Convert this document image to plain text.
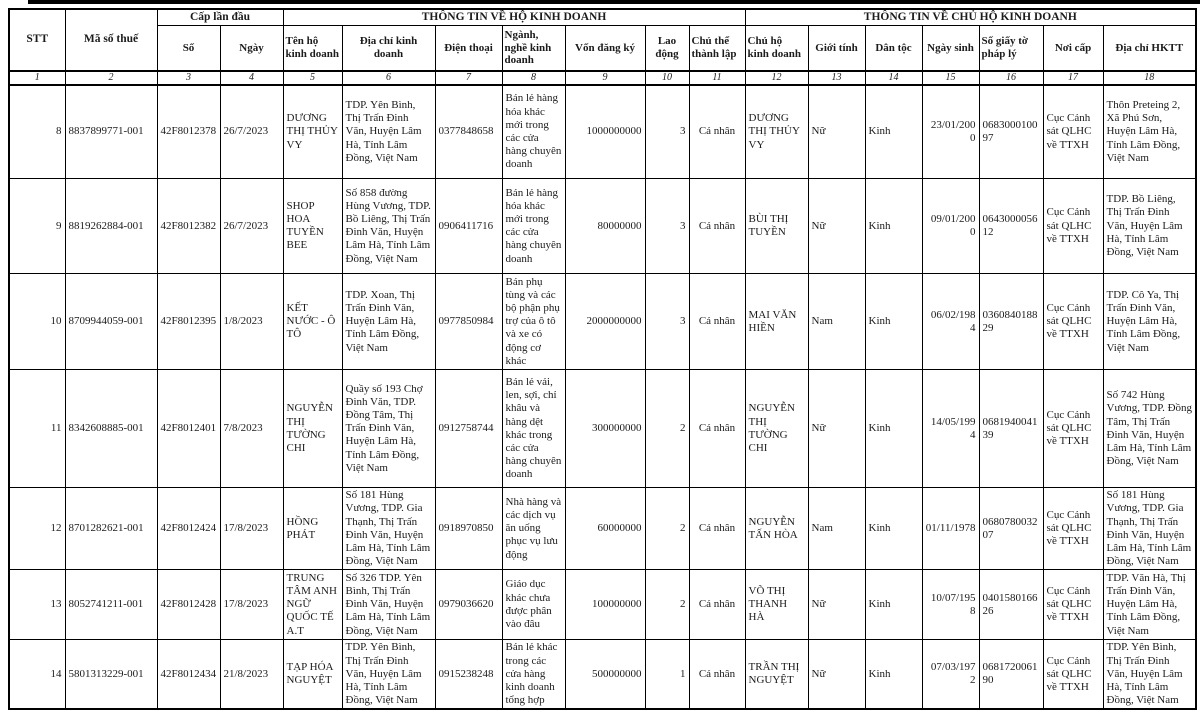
STT	Mã số thuế	Cấp lần đầu		THÔNG TIN VỀ HỘ KINH DOANH							THÔNG TIN VỀ CHỦ HỘ KINH DOANH						
		Số	Ngày	Tên hộ kinh doanh	Địa chỉ kinh doanh	Điện thoại	Ngành, nghề kinh doanh	Vốn đăng ký	Lao động	Chủ thể thành lập	Chủ hộ kinh doanh	Giới tính	Dân tộc	Ngày sinh	Số giấy tờ pháp lý	Nơi cấp	Địa chỉ HKTT
1	2	3	4	5	6	7	8	9	10	11	12	13	14	15	16	17	18
8	8837899771-001	42F8012378	26/7/2023	DƯƠNG THỊ THỦY VY	TDP. Yên Bình, Thị Trấn Đinh Văn, Huyện Lâm Hà, Tỉnh Lâm Đồng, Việt Nam	0377848658	Bán lẻ hàng hóa khác mới trong các cửa hàng chuyên doanh	1000000000	3	Cá nhân	DƯƠNG THỊ THỦY VY	Nữ	Kinh	23/01/2000	068300010097	Cục Cảnh sát QLHC về TTXH	Thôn Preteing 2, Xã Phú Sơn, Huyện Lâm Hà, Tỉnh Lâm Đồng, Việt Nam
9	8819262884-001	42F8012382	26/7/2023	SHOP HOA TUYỀN BEE	Số 858 đường Hùng Vương, TDP. Bồ Liêng, Thị Trấn Đinh Văn, Huyện Lâm Hà, Tỉnh Lâm Đồng, Việt Nam	0906411716	Bán lẻ hàng hóa khác mới trong các cửa hàng chuyên doanh	80000000	3	Cá nhân	BÙI THỊ TUYỀN	Nữ	Kinh	09/01/2000	064300005612	Cục Cảnh sát QLHC về TTXH	TDP. Bồ Liêng, Thị Trấn Đinh Văn, Huyện Lâm Hà, Tỉnh Lâm Đồng, Việt Nam
10	8709944059-001	42F8012395	1/8/2023	KẾT NƯỚC - Ô TÔ	TDP. Xoan, Thị Trấn Đinh Văn, Huyện Lâm Hà, Tỉnh Lâm Đồng, Việt Nam	0977850984	Bán phụ tùng và các bộ phận phụ trợ của ô tô và xe có động cơ khác	2000000000	3	Cá nhân	MAI VĂN HIỀN	Nam	Kinh	06/02/1984	036084018829	Cục Cảnh sát QLHC về TTXH	TDP. Cô Ya, Thị Trấn Đinh Văn, Huyện Lâm Hà, Tỉnh Lâm Đồng, Việt Nam
11	8342608885-001	42F8012401	7/8/2023	NGUYỄN THỊ TƯỜNG CHI	Quầy số 193 Chợ Đinh Văn, TDP. Đồng Tâm, Thị Trấn Đinh Văn, Huyện Lâm Hà, Tỉnh Lâm Đồng, Việt Nam	0912758744	Bán lẻ vải, len, sợi, chỉ khâu và hàng dệt khác trong các cửa hàng chuyên doanh	300000000	2	Cá nhân	NGUYỄN THỊ TƯỜNG CHI	Nữ	Kinh	14/05/1994	068194004139	Cục Cảnh sát QLHC về TTXH	Số 742 Hùng Vương, TDP. Đồng Tâm, Thị Trấn Đinh Văn, Huyện Lâm Hà, Tỉnh Lâm Đồng, Việt Nam
12	8701282621-001	42F8012424	17/8/2023	HỒNG PHÁT	Số 181 Hùng Vương, TDP. Gia Thạnh, Thị Trấn Đinh Văn, Huyện Lâm Hà, Tỉnh Lâm Đồng, Việt Nam	0918970850	Nhà hàng và các dịch vụ ăn uống phục vụ lưu động	60000000	2	Cá nhân	NGUYỄN TẤN HÒA	Nam	Kinh	01/11/1978	068078003207	Cục Cảnh sát QLHC về TTXH	Số 181 Hùng Vương, TDP. Gia Thạnh, Thị Trấn Đinh Văn, Huyện Lâm Hà, Tỉnh Lâm Đồng, Việt Nam
13	8052741211-001	42F8012428	17/8/2023	TRUNG TÂM ANH NGỮ QUỐC TẾ A.T	Số 326 TDP. Yên Bình, Thị Trấn Đinh Văn, Huyện Lâm Hà, Tỉnh Lâm Đồng, Việt Nam	0979036620	Giáo dục khác chưa được phân vào đâu	100000000	2	Cá nhân	VÕ THỊ THANH HÀ	Nữ	Kinh	10/07/1958	040158016626	Cục Cảnh sát QLHC về TTXH	TDP. Văn Hà, Thị Trấn Đinh Văn, Huyện Lâm Hà, Tỉnh Lâm Đồng, Việt Nam
14	5801313229-001	42F8012434	21/8/2023	TẠP HÓA NGUYỆT	TDP. Yên Bình, Thị Trấn Đinh Văn, Huyện Lâm Hà, Tỉnh Lâm Đồng, Việt Nam	0915238248	Bán lẻ khác trong các cửa hàng kinh doanh tổng hợp	500000000	1	Cá nhân	TRẦN THỊ NGUYỆT	Nữ	Kinh	07/03/1972	068172006190	Cục Cảnh sát QLHC về TTXH	TDP. Yên Bình, Thị Trấn Đinh Văn, Huyện Lâm Hà, Tỉnh Lâm Đồng, Việt Nam
